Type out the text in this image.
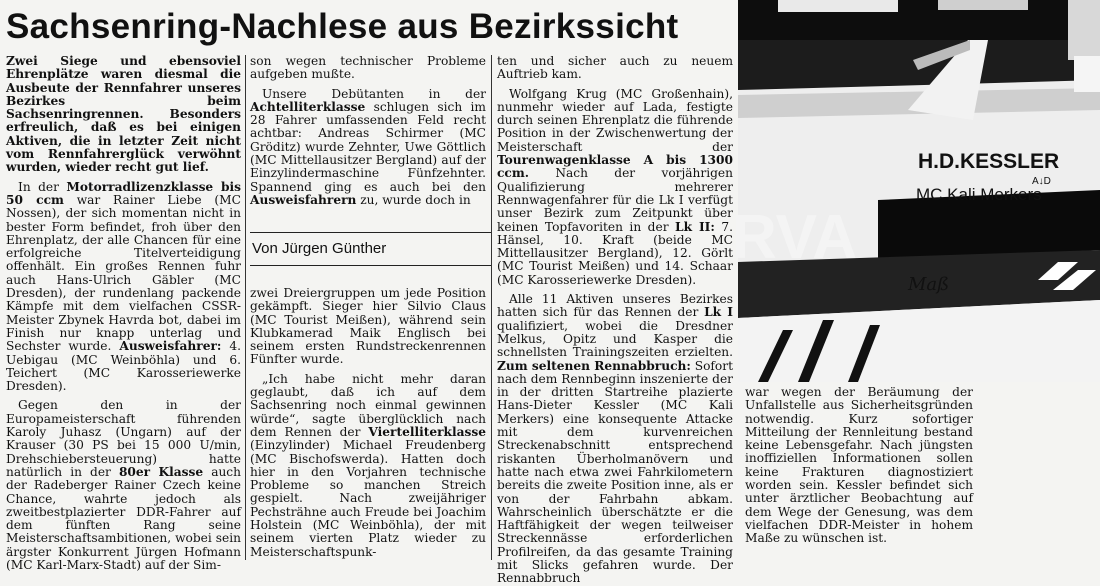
Sachsenring-Nachlese aus Bezirkssicht

Zwei Siege und ebensoviel Ehrenplätze waren diesmal die Ausbeute der Rennfahrer unseres Bezirkes beim Sachsenringrennen. Besonders erfreulich, daß es bei einigen Aktiven, die in letzter Zeit nicht vom Rennfahrerglück verwöhnt wurden, wieder recht gut lief.

In der Motorradlizenzklasse bis 50 ccm war Rainer Liebe (MC Nossen), der sich momentan nicht in bester Form befindet, froh über den Ehrenplatz, der alle Chancen für eine erfolgreiche Titelverteidigung offenhält. Ein großes Rennen fuhr auch Hans-Ulrich Gäbler (MC Dresden), der rundenlang packende Kämpfe mit dem vielfachen CSSR-Meister Zbynek Havrda bot, dabei im Finish nur knapp unterlag und Sechster wurde. Ausweisfahrer: 4. Uebigau (MC Weinböhla) und 6. Teichert (MC Karosseriewerke Dresden).

Gegen den in der Europameisterschaft führenden Karoly Juhasz (Ungarn) auf der Krauser (30 PS bei 15 000 U/min, Drehschiebersteuerung) hatte natürlich in der 80er Klasse auch der Radeberger Rainer Czech keine Chance, wahrte jedoch als zweitbestplazierter DDR-Fahrer auf dem fünften Rang seine Meisterschaftsambitionen, wobei sein ärgster Konkurrent Jürgen Hofmann (MC Karl-Marx-Stadt) auf der Sim-

son wegen technischer Probleme aufgeben mußte.

Unsere Debütanten in der Achtelliterklasse schlugen sich im 28 Fahrer umfassenden Feld recht achtbar: Andreas Schirmer (MC Gröditz) wurde Zehnter, Uwe Göttlich (MC Mittellausitzer Bergland) auf der Einzylindermaschine Fünfzehnter. Spannend ging es auch bei den Ausweisfahrern zu, wurde doch in

Von Jürgen Günther

zwei Dreiergruppen um jede Position gekämpft. Sieger hier Silvio Claus (MC Tourist Meißen), während sein Klubkamerad Maik Englisch bei seinem ersten Rundstreckenrennen Fünfter wurde.

„Ich habe nicht mehr daran geglaubt, daß ich auf dem Sachsenring noch einmal gewinnen würde“, sagte überglücklich nach dem Rennen der Viertelliterklasse (Einzylinder) Michael Freudenberg (MC Bischofswerda). Hatten doch hier in den Vorjahren technische Probleme so manchen Streich gespielt. Nach zweijähriger Pechsträhne auch Freude bei Joachim Holstein (MC Weinböhla), der mit seinem vierten Platz wieder zu Meisterschaftspunk-

ten und sicher auch zu neuem Auftrieb kam.

Wolfgang Krug (MC Großenhain), nunmehr wieder auf Lada, festigte durch seinen Ehrenplatz die führende Position in der Zwischenwertung der Meisterschaft der Tourenwagenklasse A bis 1300 ccm. Nach der vorjährigen Qualifizierung mehrerer Rennwagenfahrer für die Lk I verfügt unser Bezirk zum Zeitpunkt über keinen Topfavoriten in der Lk II: 7. Hänsel, 10. Kraft (beide MC Mittellausitzer Bergland), 12. Görlt (MC Tourist Meißen) und 14. Schaar (MC Karosseriewerke Dresden).

Alle 11 Aktiven unseres Bezirkes hatten sich für das Rennen der Lk I qualifiziert, wobei die Dresdner Melkus, Opitz und Kasper die schnellsten Trainingszeiten erzielten. Zum seltenen Rennabbruch: Sofort nach dem Rennbeginn inszenierte der in der dritten Startreihe plazierte Hans-Dieter Kessler (MC Kali Merkers) eine konsequente Attacke mit dem kurvenreichen Streckenabschnitt entsprechend riskanten Überholmanövern und hatte nach etwa zwei Fahrkilometern bereits die zweite Position inne, als er von der Fahrbahn abkam. Wahrscheinlich überschätzte er die Haftfähigkeit der wegen teilweiser Streckennässe erforderlichen Profilreifen, da das gesamte Training mit Slicks gefahren wurde. Der Rennabbruch

H.D.KESSLER
A↓D
MC Kali Merkers
RVA
Maß

war wegen der Beräumung der Unfallstelle aus Sicherheitsgründen notwendig. Kurz sofortiger Mitteilung der Rennleitung bestand keine Lebensgefahr. Nach jüngsten inoffiziellen Informationen sollen keine Frakturen diagnostiziert worden sein. Kessler befindet sich unter ärztlicher Beobachtung auf dem Wege der Genesung, was dem vielfachen DDR-Meister in hohem Maße zu wünschen ist.
